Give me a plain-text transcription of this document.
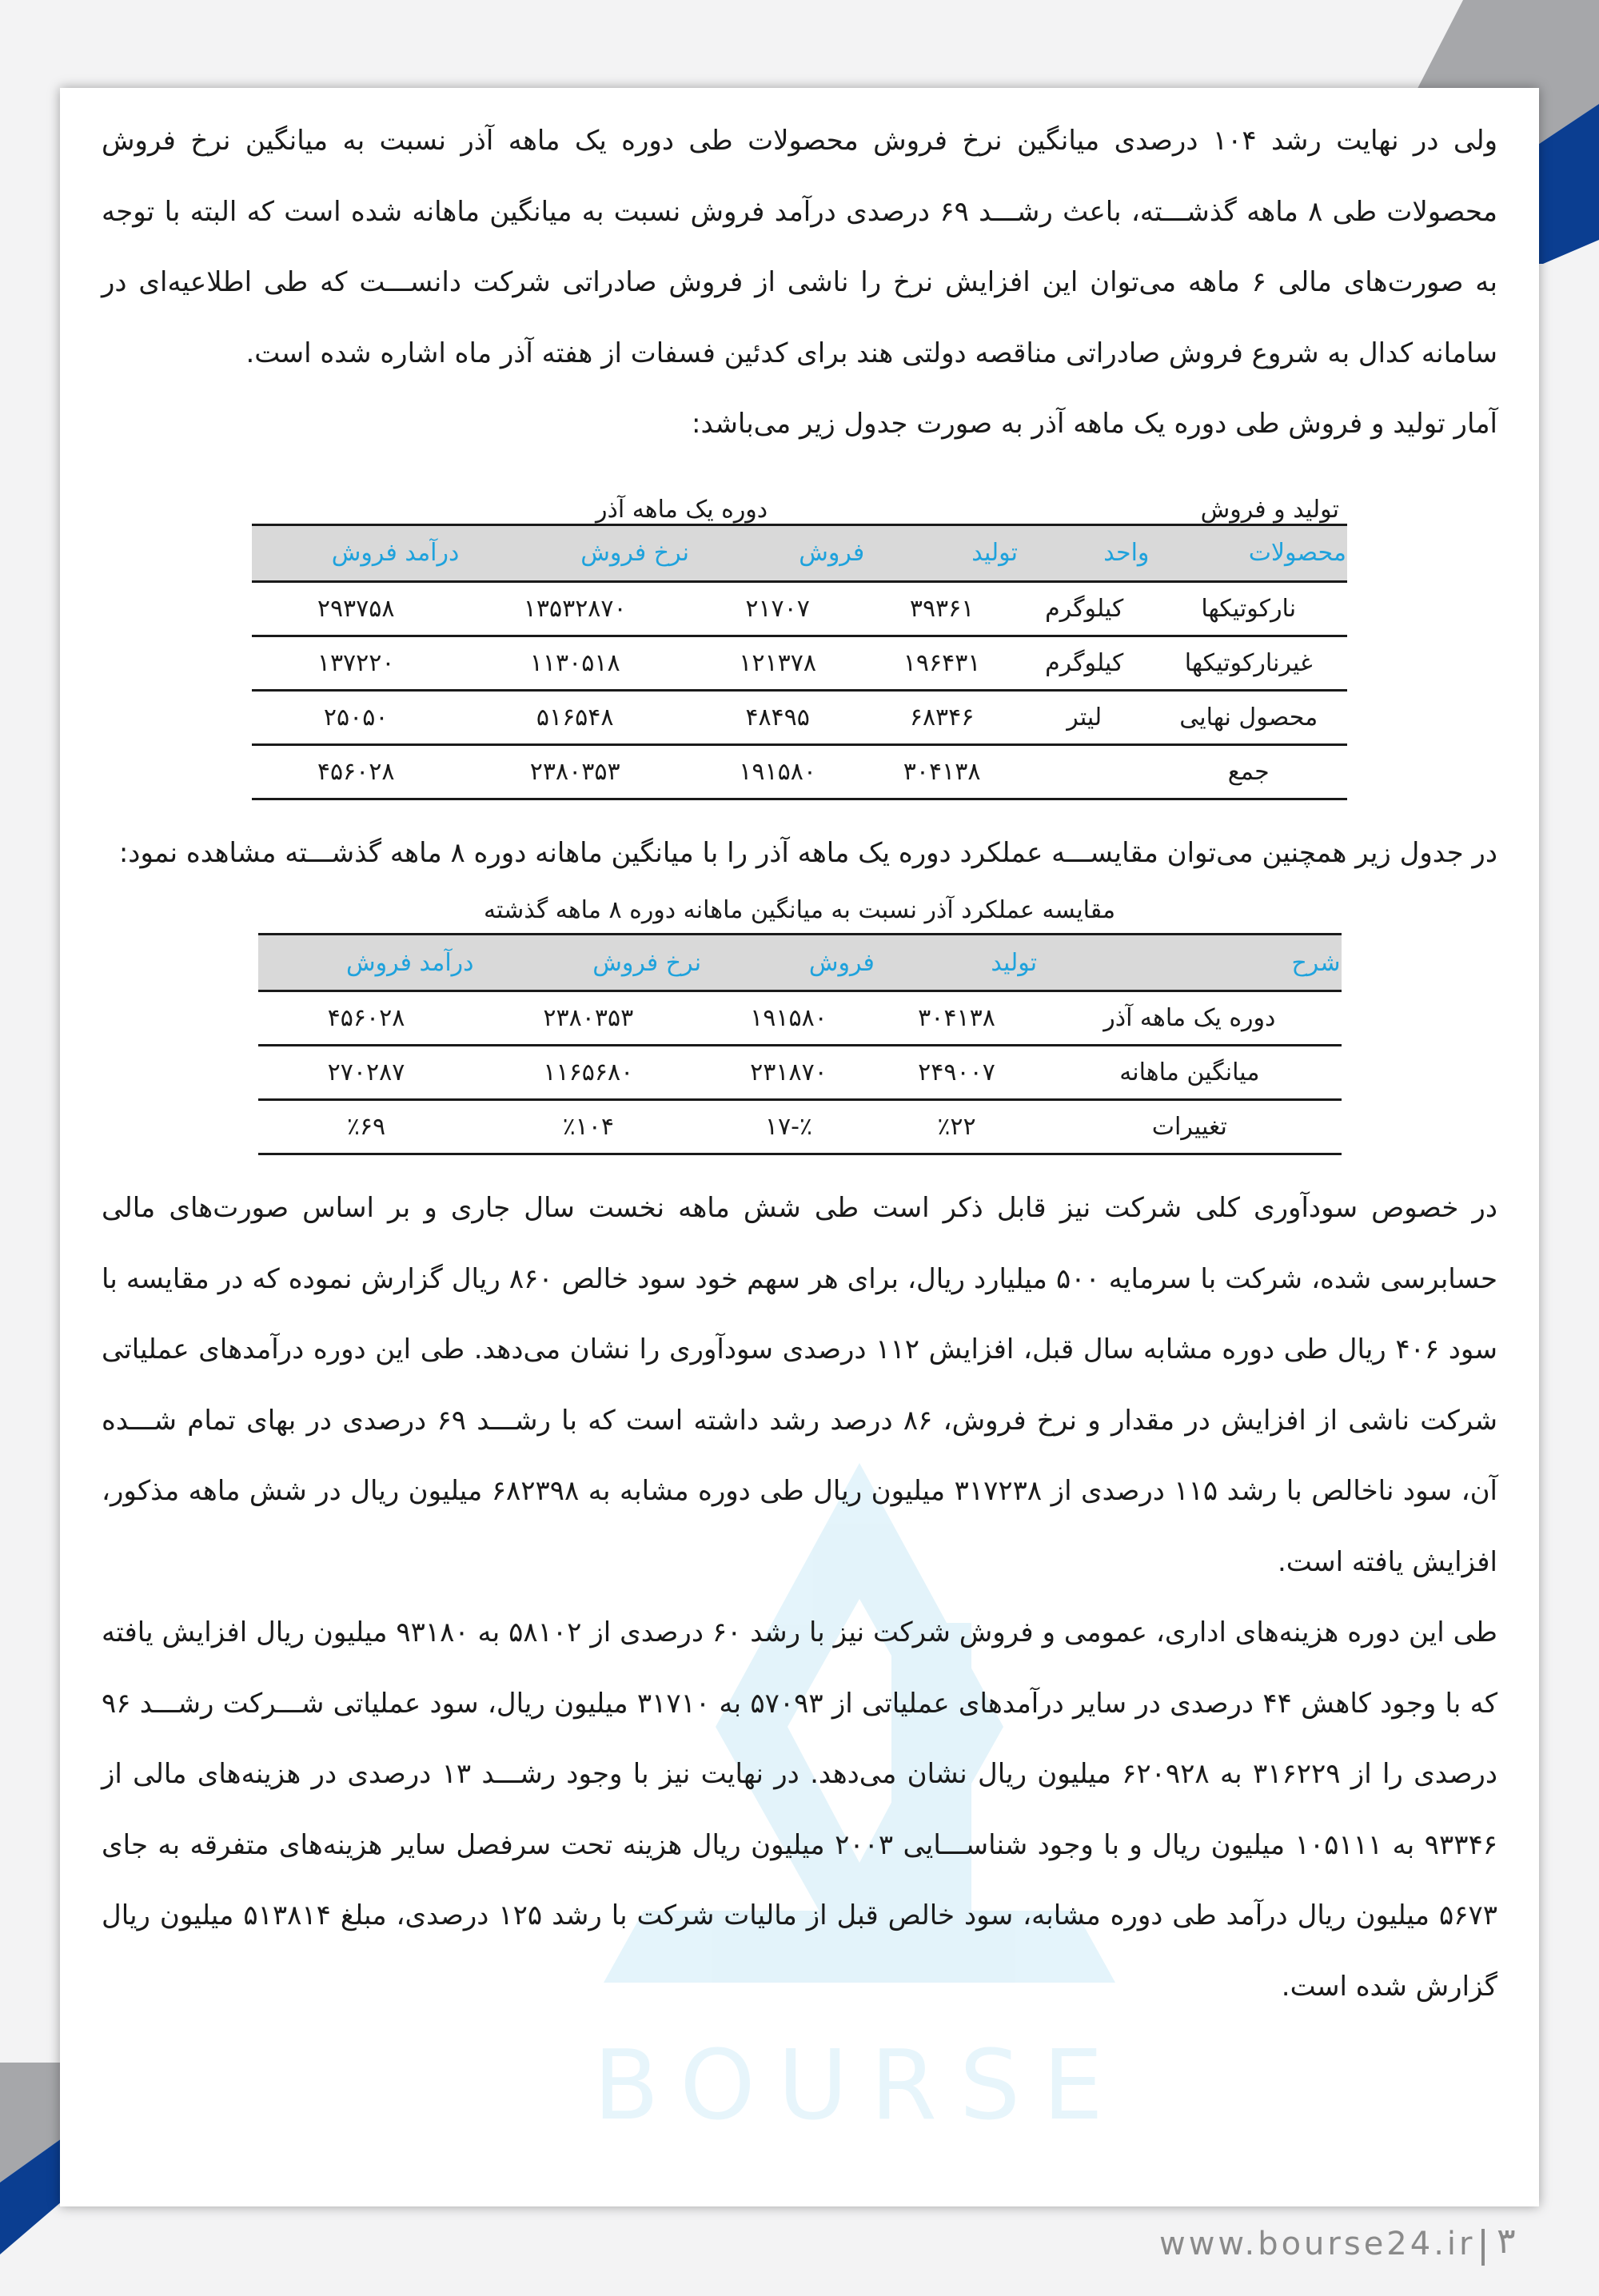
BOURSE

ولی در نهایت رشد ۱۰۴ درصدی میانگین نرخ فروش محصولات طی دوره یک ماهه آذر نسبت به میانگین نرخ فروش محصولات طی ۸ ماهه گذشـــته، باعث رشـــد ۶۹ درصدی درآمد فروش نسبت به میانگین ماهانه شده است که البته با توجه به صورت‌های مالی ۶ ماهه می‌توان این افزایش نرخ را ناشی از فروش صادراتی شرکت دانســـت که طی اطلاعیه‌ای در سامانه کدال به شروع فروش صادراتی مناقصه دولتی هند برای کدئین فسفات از هفته آذر ماه اشاره شده است.

آمار تولید و فروش طی دوره یک ماهه آذر به صورت جدول زیر می‌باشد:

تولید و فروش
دوره یک ماهه آذر
محصولات	واحد	تولید	فروش	نرخ فروش	درآمد فروش
نارکوتیکها	کیلوگرم	۳۹۳۶۱	۲۱۷۰۷	۱۳۵۳۲۸۷۰	۲۹۳۷۵۸
غیرنارکوتیکها	کیلوگرم	۱۹۶۴۳۱	۱۲۱۳۷۸	۱۱۳۰۵۱۸	۱۳۷۲۲۰
محصول نهایی	لیتر	۶۸۳۴۶	۴۸۴۹۵	۵۱۶۵۴۸	۲۵۰۵۰
جمع		۳۰۴۱۳۸	۱۹۱۵۸۰	۲۳۸۰۳۵۳	۴۵۶۰۲۸

در جدول زیر همچنین می‌توان مقایســـه عملکرد دوره یک ماهه آذر را با میانگین ماهانه دوره ۸ ماهه گذشـــته مشاهده نمود:

مقایسه عملکرد آذر نسبت به میانگین ماهانه دوره ۸ ماهه گذشته
شرح	تولید	فروش	نرخ فروش	درآمد فروش
دوره یک ماهه آذر	۳۰۴۱۳۸	۱۹۱۵۸۰	۲۳۸۰۳۵۳	۴۵۶۰۲۸
میانگین ماهانه	۲۴۹۰۰۷	۲۳۱۸۷۰	۱۱۶۵۶۸۰	۲۷۰۲۸۷
تغییرات	٪۲۲	٪-۱۷	٪۱۰۴	٪۶۹

در خصوص سودآوری کلی شرکت نیز قابل ذکر است طی شش ماهه نخست سال جاری و بر اساس صورت‌های مالی حسابرسی شده، شرکت با سرمایه ۵۰۰ میلیارد ریال، برای هر سهم خود سود خالص ۸۶۰ ریال گزارش نموده که در مقایسه با سود ۴۰۶ ریال طی دوره مشابه سال قبل، افزایش ۱۱۲ درصدی سودآوری را نشان می‌دهد. طی این دوره درآمدهای عملیاتی شرکت ناشی از افزایش در مقدار و نرخ فروش، ۸۶ درصد رشد داشته است که با رشـــد ۶۹ درصدی در بهای تمام شـــده آن، سود ناخالص با رشد ۱۱۵ درصدی از ۳۱۷۲۳۸ میلیون ریال طی دوره مشابه به ۶۸۲۳۹۸ میلیون ریال در شش ماهه مذکور، افزایش یافته است.

طی این دوره هزینه‌های اداری، عمومی و فروش شرکت نیز با رشد ۶۰ درصدی از ۵۸۱۰۲ به ۹۳۱۸۰ میلیون ریال افزایش یافته که با وجود کاهش ۴۴ درصدی در سایر درآمدهای عملیاتی از ۵۷۰۹۳ به ۳۱۷۱۰ میلیون ریال، سود عملیاتی شـــرکت رشـــد ۹۶ درصدی را از ۳۱۶۲۲۹ به ۶۲۰۹۲۸ میلیون ریال نشان می‌دهد. در نهایت نیز با وجود رشـــد ۱۳ درصدی در هزینه‌های مالی از ۹۳۳۴۶ به ۱۰۵۱۱۱ میلیون ریال و با وجود شناســـایی ۲۰۰۳ میلیون ریال هزینه تحت سرفصل سایر هزینه‌های متفرقه به جای ۵۶۷۳ میلیون ریال درآمد طی دوره مشابه، سود خالص قبل از مالیات شرکت با رشد ۱۲۵ درصدی، مبلغ ۵۱۳۸۱۴ میلیون ریال گزارش شده است.

www.bourse24.ir ۳
